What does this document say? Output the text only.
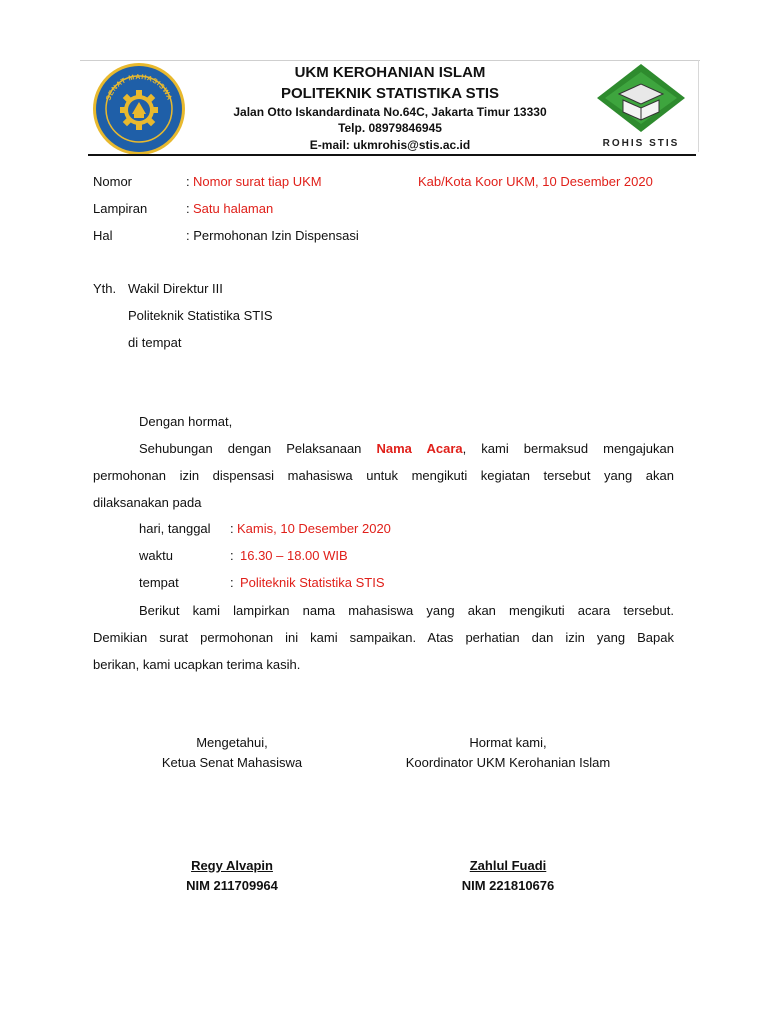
SENAT MAHASISWA
ROHIS STIS
UKM KEROHANIAN ISLAM
POLITEKNIK STATISTIKA STIS
Jalan Otto Iskandardinata No.64C, Jakarta Timur 13330
Telp. 08979846945
E-mail: ukmrohis@stis.ac.id
Nomor	: Nomor surat tiap UKM	Kab/Kota Koor UKM, 10 Desember 2020
Lampiran	: Satu halaman
Hal	: Permohonan Izin Dispensasi
Yth. Wakil Direktur III
Politeknik Statistika STIS
di tempat
Dengan hormat,
Sehubungan dengan Pelaksanaan Nama Acara, kami bermaksud mengajukan
permohonan izin dispensasi mahasiswa untuk mengikuti kegiatan tersebut yang akan
dilaksanakan pada
hari, tanggal : Kamis, 10 Desember 2020
waktu	: 16.30 – 18.00 WIB
tempat	: Politeknik Statistika STIS
Berikut kami lampirkan nama mahasiswa yang akan mengikuti acara tersebut.
Demikian surat permohonan ini kami sampaikan. Atas perhatian dan izin yang Bapak
berikan, kami ucapkan terima kasih.
Mengetahui,
Ketua Senat Mahasiswa
Regy Alvapin
NIM 211709964
Hormat kami,
Koordinator UKM Kerohanian Islam
Zahlul Fuadi
NIM 221810676
